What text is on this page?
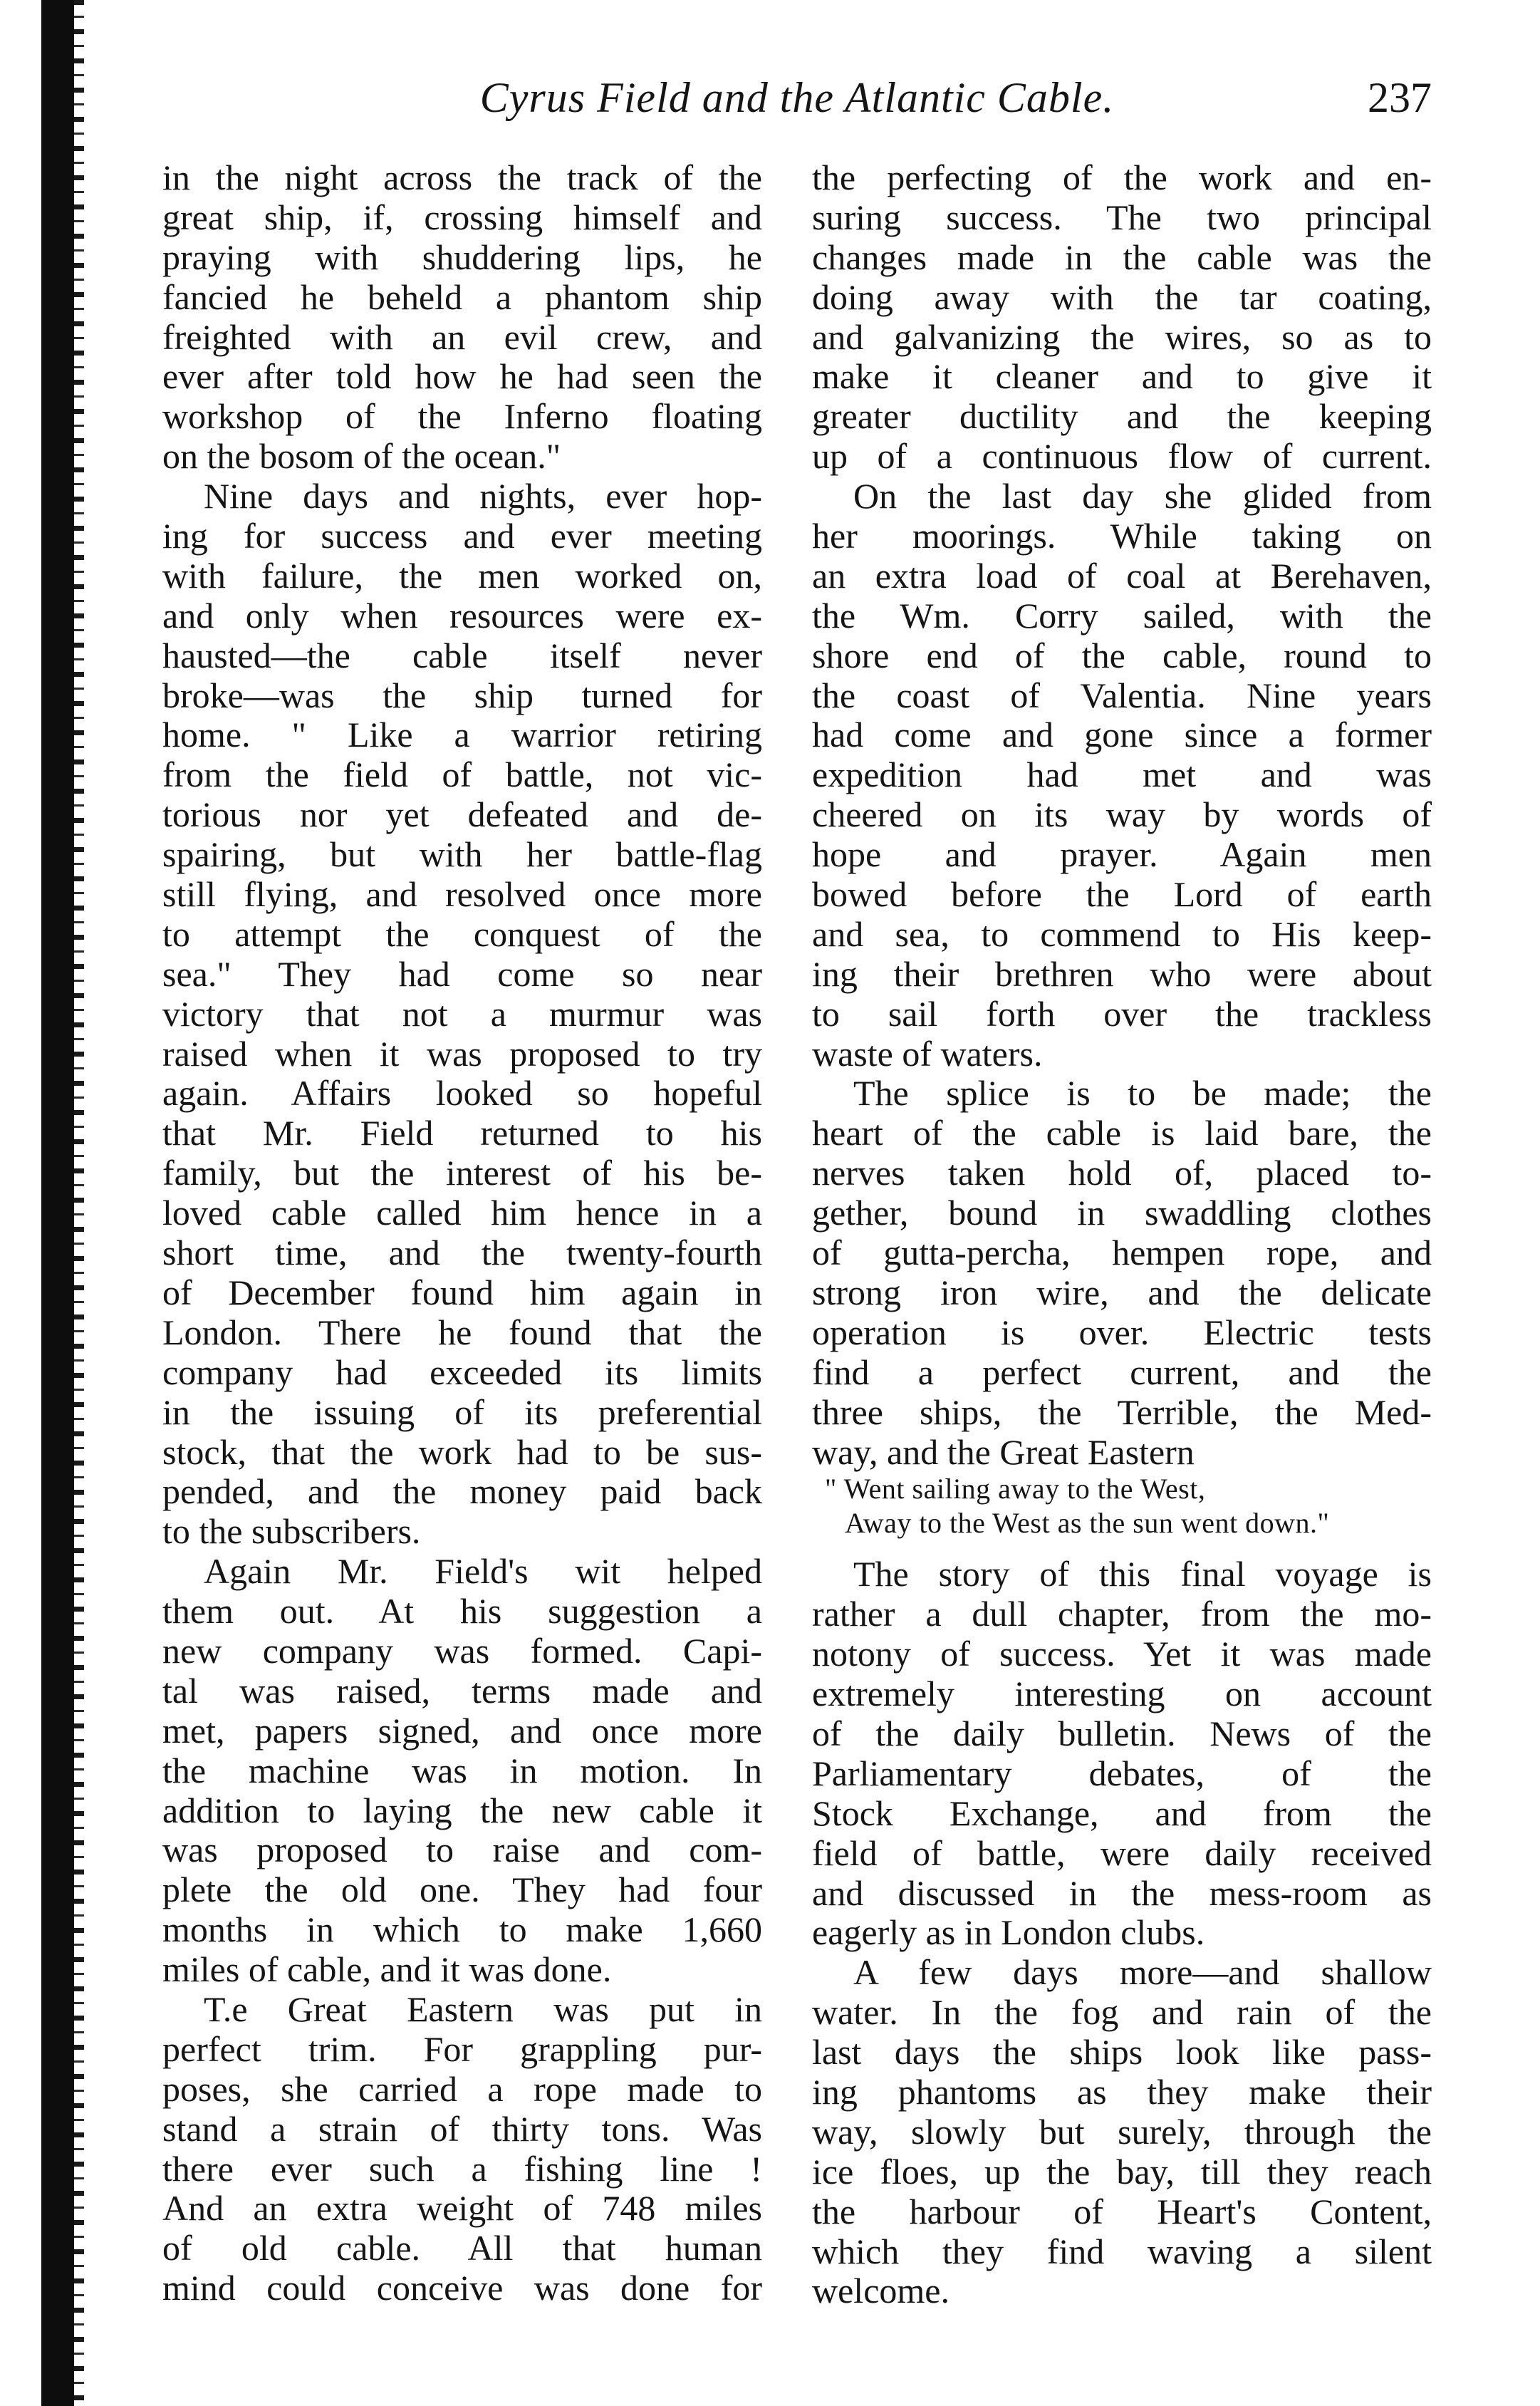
Cyrus Field and the Atlantic Cable.	237
in the night across the track of the
great ship, if, crossing himself and
praying with shuddering lips, he
fancied he beheld a phantom ship
freighted with an evil crew, and
ever after told how he had seen the
workshop of the Inferno floating
on the bosom of the ocean."
Nine days and nights, ever hop-
ing for success and ever meeting
with failure, the men worked on,
and only when resources were ex-
hausted—the cable itself never
broke—was the ship turned for
home. " Like a warrior retiring
from the field of battle, not vic-
torious nor yet defeated and de-
spairing, but with her battle-flag
still flying, and resolved once more
to attempt the conquest of the
sea." They had come so near
victory that not a murmur was
raised when it was proposed to try
again. Affairs looked so hopeful
that Mr. Field returned to his
family, but the interest of his be-
loved cable called him hence in a
short time, and the twenty-fourth
of December found him again in
London. There he found that the
company had exceeded its limits
in the issuing of its preferential
stock, that the work had to be sus-
pended, and the money paid back
to the subscribers.
Again Mr. Field's wit helped
them out. At his suggestion a
new company was formed. Capi-
tal was raised, terms made and
met, papers signed, and once more
the machine was in motion. In
addition to laying the new cable it
was proposed to raise and com-
plete the old one. They had four
months in which to make 1,660
miles of cable, and it was done.
T.e Great Eastern was put in
perfect trim. For grappling pur-
poses, she carried a rope made to
stand a strain of thirty tons. Was
there ever such a fishing line !
And an extra weight of 748 miles
of old cable. All that human
mind could conceive was done for
the perfecting of the work and en-
suring success. The two principal
changes made in the cable was the
doing away with the tar coating,
and galvanizing the wires, so as to
make it cleaner and to give it
greater ductility and the keeping
up of a continuous flow of current.
On the last day she glided from
her moorings. While taking on
an extra load of coal at Berehaven,
the Wm. Corry sailed, with the
shore end of the cable, round to
the coast of Valentia. Nine years
had come and gone since a former
expedition had met and was
cheered on its way by words of
hope and prayer. Again men
bowed before the Lord of earth
and sea, to commend to His keep-
ing their brethren who were about
to sail forth over the trackless
waste of waters.
The splice is to be made; the
heart of the cable is laid bare, the
nerves taken hold of, placed to-
gether, bound in swaddling clothes
of gutta-percha, hempen rope, and
strong iron wire, and the delicate
operation is over. Electric tests
find a perfect current, and the
three ships, the Terrible, the Med-
way, and the Great Eastern
" Went sailing away to the West,
Away to the West as the sun went down."
The story of this final voyage is
rather a dull chapter, from the mo-
notony of success. Yet it was made
extremely interesting on account
of the daily bulletin. News of the
Parliamentary debates, of the
Stock Exchange, and from the
field of battle, were daily received
and discussed in the mess-room as
eagerly as in London clubs.
A few days more—and shallow
water. In the fog and rain of the
last days the ships look like pass-
ing phantoms as they make their
way, slowly but surely, through the
ice floes, up the bay, till they reach
the harbour of Heart's Content,
which they find waving a silent
welcome.
